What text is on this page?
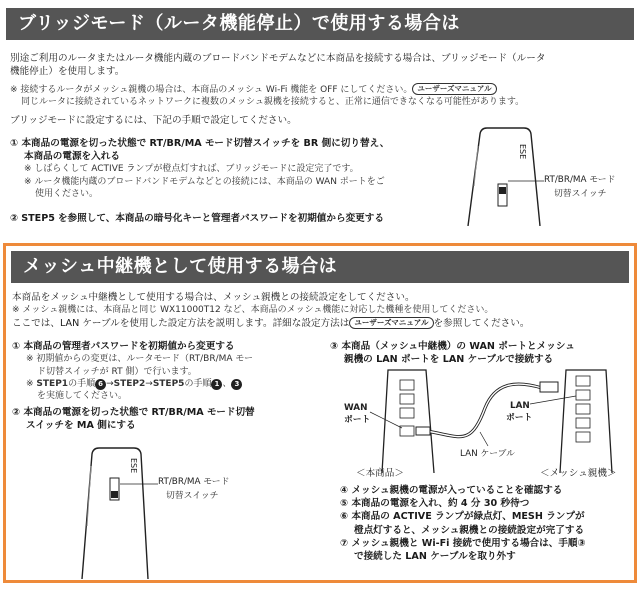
ブリッジモード（ルータ機能停止）で使用する場合は
別途ご利用のルータまたはルータ機能内蔵のブロードバンドモデムなどに本商品を接続する場合は、ブリッジモード（ルータ
機能停止）を使用します。
※ 接続するルータがメッシュ親機の場合は、本商品のメッシュ Wi-Fi 機能を OFF にしてください。 ユーザーズマニュアル
同じルータに接続されているネットワークに複数のメッシュ親機を接続すると、正常に通信できなくなる可能性があります。
ブリッジモードに設定するには、下記の手順で設定してください。
① 本商品の電源を切った状態で RT/BR/MA モード切替スイッチを BR 側に切り替え、
本商品の電源を入れる
※ しばらくして ACTIVE ランプが橙点灯すれば、ブリッジモードに設定完了です。
※ ルータ機能内蔵のブロードバンドモデムなどとの接続には、本商品の WAN ポートをご
使用ください。
② STEP5 を参照して、本商品の暗号化キーと管理者パスワードを初期値から変更する
ESE
RT/BR/MA モード
切替スイッチ
メッシュ中継機として使用する場合は
本商品をメッシュ中継機として使用する場合は、メッシュ親機との接続設定をしてください。
※ メッシュ親機には、本商品と同じ WX11000T12 など、本商品のメッシュ機能に対応した機種を使用してください。
ここでは、LAN ケーブルを使用した設定方法を説明します。詳細な設定方法は ユーザーズマニュアル を参照してください。
① 本商品の管理者パスワードを初期値から変更する
※ 初期値からの変更は、ルータモード（RT/BR/MA モー
ド切替スイッチが RT 側）で行います。
※ STEP1の手順 6 →STEP2→STEP5の手順 1 、 3
を実施してください。
② 本商品の電源を切った状態で RT/BR/MA モード切替
スイッチを MA 側にする
ESE
RT/BR/MA モード
切替スイッチ
③ 本商品（メッシュ中継機）の WAN ポートとメッシュ
親機の LAN ポートを LAN ケーブルで接続する
WAN
ポート
LAN
ポート
LAN ケーブル
＜本商品＞	＜メッシュ親機＞
④ メッシュ親機の電源が入っていることを確認する
⑤ 本商品の電源を入れ、約 4 分 30 秒待つ
⑥ 本商品の ACTIVE ランプが緑点灯、MESH ランプが
橙点灯すると、メッシュ親機との接続設定が完了する
⑦ メッシュ親機と Wi-Fi 接続で使用する場合は、手順③
で接続した LAN ケーブルを取り外す
